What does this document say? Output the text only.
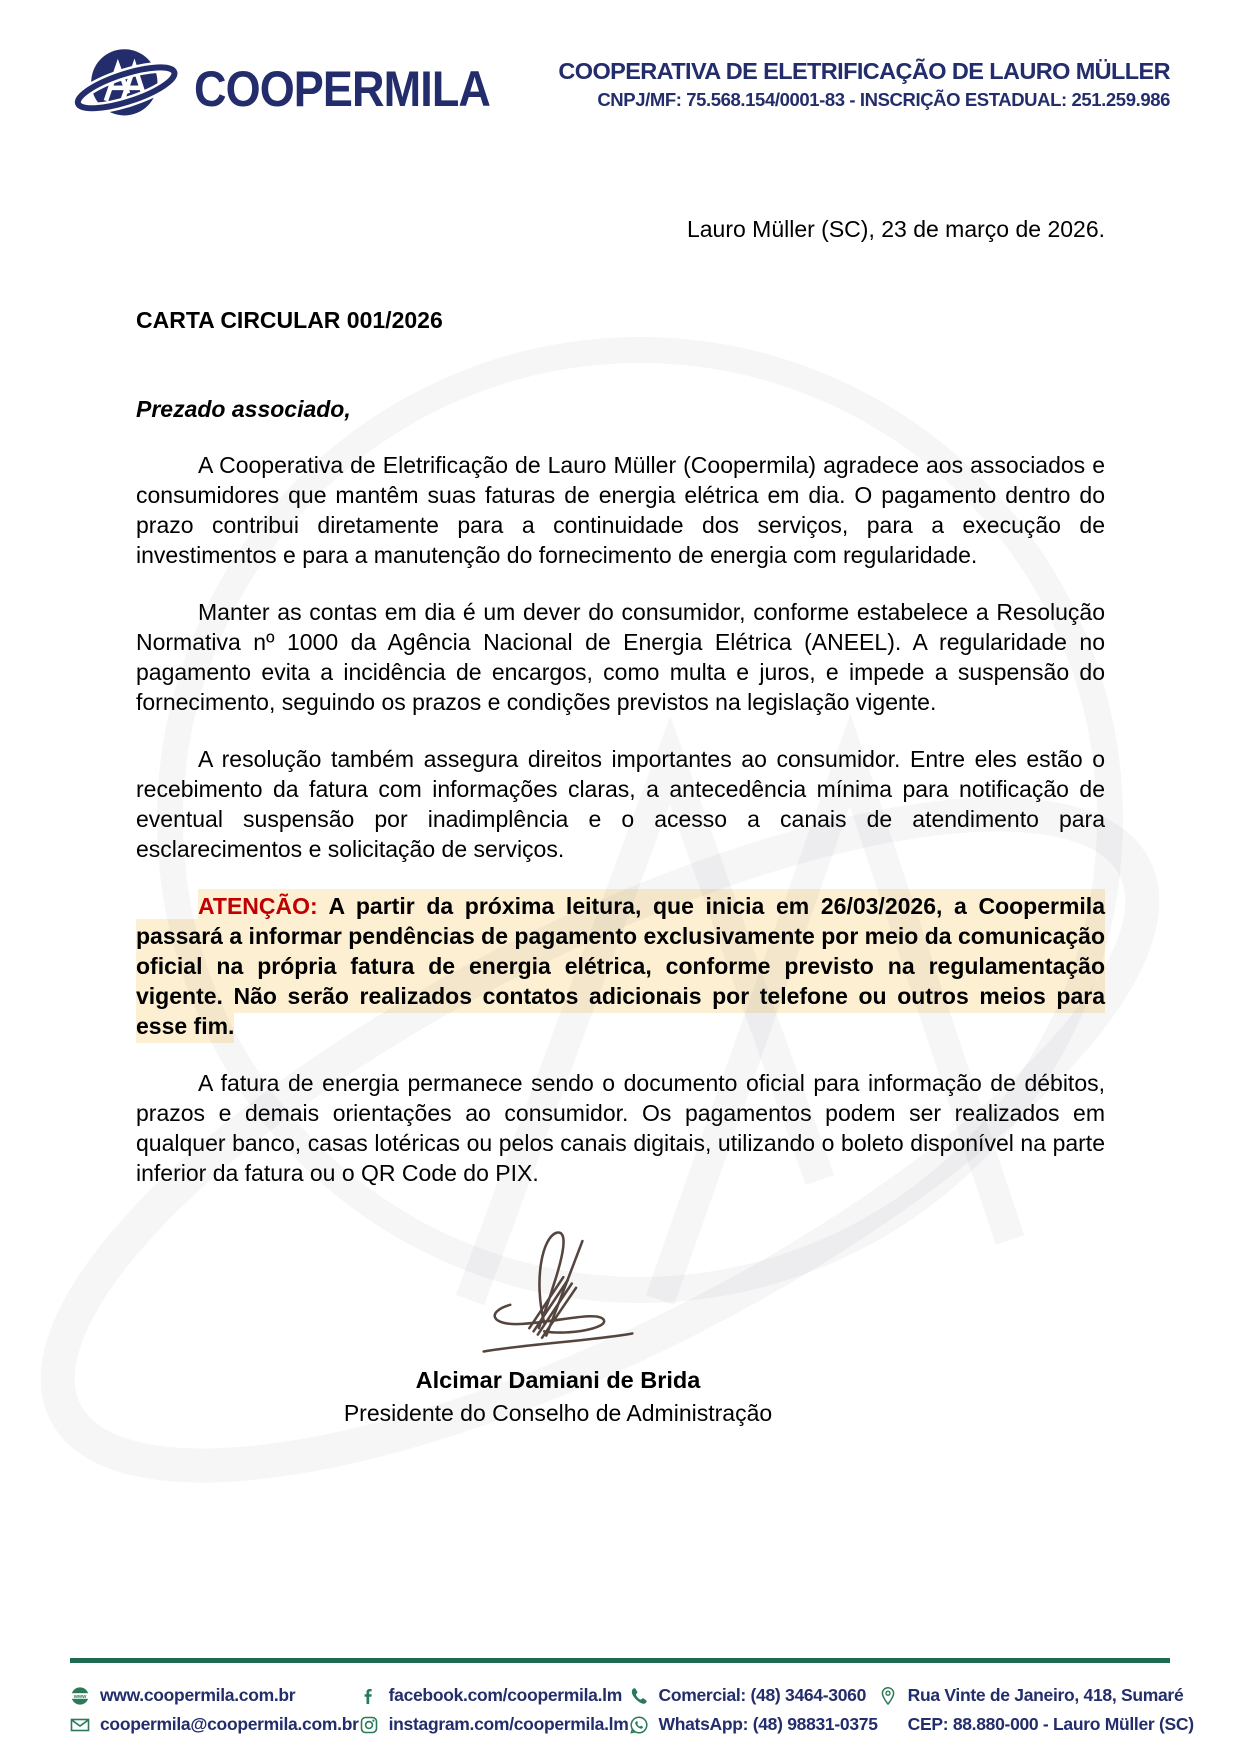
COOPERMILA	COOPERATIVA DE ELETRIFICAÇÃO DE LAURO MÜLLER
CNPJ/MF: 75.568.154/0001-83 - INSCRIÇÃO ESTADUAL: 251.259.986
Lauro Müller (SC), 23 de março de 2026.
CARTA CIRCULAR 001/2026
Prezado associado,

A Cooperativa de Eletrificação de Lauro Müller (Coopermila) agradece aos associados e consumidores que mantêm suas faturas de energia elétrica em dia. O pagamento dentro do prazo contribui diretamente para a continuidade dos serviços, para a execução de investimentos e para a manutenção do fornecimento de energia com regularidade.

Manter as contas em dia é um dever do consumidor, conforme estabelece a Resolução Normativa nº 1000 da Agência Nacional de Energia Elétrica (ANEEL). A regularidade no pagamento evita a incidência de encargos, como multa e juros, e impede a suspensão do fornecimento, seguindo os prazos e condições previstos na legislação vigente.

A resolução também assegura direitos importantes ao consumidor. Entre eles estão o recebimento da fatura com informações claras, a antecedência mínima para notificação de eventual suspensão por inadimplência e o acesso a canais de atendimento para esclarecimentos e solicitação de serviços.

ATENÇÃO: A partir da próxima leitura, que inicia em 26/03/2026, a Coopermila passará a informar pendências de pagamento exclusivamente por meio da comunicação oficial na própria fatura de energia elétrica, conforme previsto na regulamentação vigente. Não serão realizados contatos adicionais por telefone ou outros meios para esse fim.

A fatura de energia permanece sendo o documento oficial para informação de débitos, prazos e demais orientações ao consumidor. Os pagamentos podem ser realizados em qualquer banco, casas lotéricas ou pelos canais digitais, utilizando o boleto disponível na parte inferior da fatura ou o QR Code do PIX.

Alcimar Damiani de Brida
Presidente do Conselho de Administração
www www.coopermila.com.br
coopermila@coopermila.com.br
facebook.com/coopermila.lm
instagram.com/coopermila.lm
Comercial: (48) 3464-3060
WhatsApp: (48) 98831-0375
Rua Vinte de Janeiro, 418, Sumaré
CEP: 88.880-000 - Lauro Müller (SC)
